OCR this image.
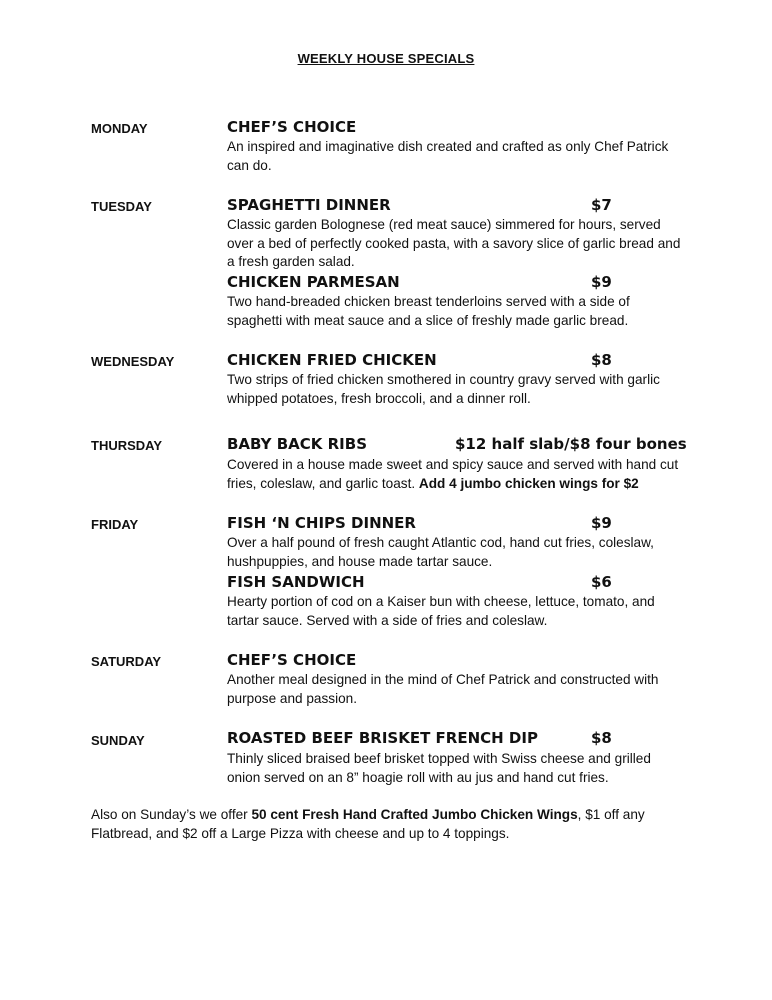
WEEKLY HOUSE SPECIALS
MONDAY	CHEF’S CHOICE
An inspired and imaginative dish created and crafted as only Chef Patrick can do.
TUESDAY	SPAGHETTI DINNER	$7
Classic garden Bolognese (red meat sauce) simmered for hours, served over a bed of perfectly cooked pasta, with a savory slice of garlic bread and a fresh garden salad.
CHICKEN PARMESAN	$9
Two hand-breaded chicken breast tenderloins served with a side of spaghetti with meat sauce and a slice of freshly made garlic bread.
WEDNESDAY	CHICKEN FRIED CHICKEN	$8
Two strips of fried chicken smothered in country gravy served with garlic whipped potatoes, fresh broccoli, and a dinner roll.
THURSDAY	BABY BACK RIBS	$12 half slab/$8 four bones
Covered in a house made sweet and spicy sauce and served with hand cut fries, coleslaw, and garlic toast. Add 4 jumbo chicken wings for $2
FRIDAY	FISH ‘N CHIPS DINNER	$9
Over a half pound of fresh caught Atlantic cod, hand cut fries, coleslaw, hushpuppies, and house made tartar sauce.
FISH SANDWICH	$6
Hearty portion of cod on a Kaiser bun with cheese, lettuce, tomato, and tartar sauce. Served with a side of fries and coleslaw.
SATURDAY	CHEF’S CHOICE
Another meal designed in the mind of Chef Patrick and constructed with purpose and passion.
SUNDAY	ROASTED BEEF BRISKET FRENCH DIP	$8
Thinly sliced braised beef brisket topped with Swiss cheese and grilled onion served on an 8” hoagie roll with au jus and hand cut fries.
Also on Sunday’s we offer 50 cent Fresh Hand Crafted Jumbo Chicken Wings, $1 off any Flatbread, and $2 off a Large Pizza with cheese and up to 4 toppings.
